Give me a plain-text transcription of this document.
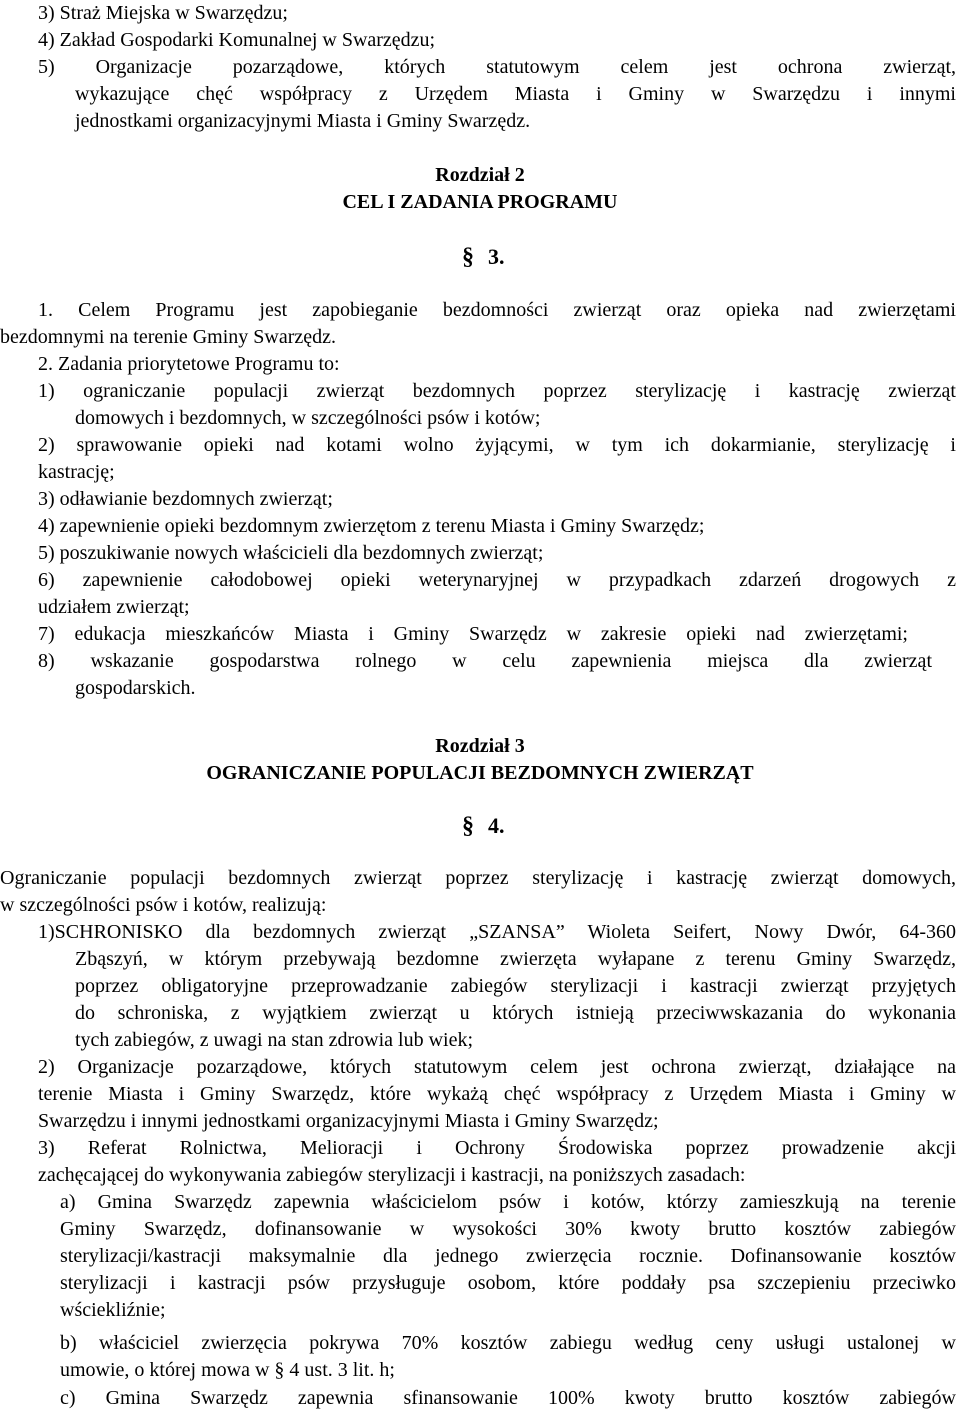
3) Straż Miejska w Swarzędzu;
4) Zakład Gospodarki Komunalnej w Swarzędzu;
5) Organizacje pozarządowe, których statutowym celem jest ochrona zwierząt,
wykazujące chęć współpracy z Urzędem Miasta i Gminy w Swarzędzu i innymi
jednostkami organizacyjnymi Miasta i Gminy Swarzędz.
Rozdział 2
CEL I ZADANIA PROGRAMU
§ 3.
1. Celem Programu jest zapobieganie bezdomności zwierząt oraz opieka nad zwierzętami
bezdomnymi na terenie Gminy Swarzędz.
2. Zadania priorytetowe Programu to:
1) ograniczanie populacji zwierząt bezdomnych poprzez sterylizację i kastrację zwierząt
domowych i bezdomnych, w szczególności psów i kotów;
2) sprawowanie opieki nad kotami wolno żyjącymi, w tym ich dokarmianie, sterylizację i
kastrację;
3) odławianie bezdomnych zwierząt;
4) zapewnienie opieki bezdomnym zwierzętom z terenu Miasta i Gminy Swarzędz;
5) poszukiwanie nowych właścicieli dla bezdomnych zwierząt;
6) zapewnienie całodobowej opieki weterynaryjnej w przypadkach zdarzeń drogowych z
udziałem zwierząt;
7) edukacja mieszkańców Miasta i Gminy Swarzędz w zakresie opieki nad zwierzętami;
8) wskazanie gospodarstwa rolnego w celu zapewnienia miejsca dla zwierząt
gospodarskich.
Rozdział 3
OGRANICZANIE POPULACJI BEZDOMNYCH ZWIERZĄT
§ 4.
Ograniczanie populacji bezdomnych zwierząt poprzez sterylizację i kastrację zwierząt domowych,
w szczególności psów i kotów, realizują:
1)SCHRONISKO dla bezdomnych zwierząt „SZANSA” Wioleta Seifert, Nowy Dwór, 64-360
Zbąszyń, w którym przebywają bezdomne zwierzęta wyłapane z terenu Gminy Swarzędz,
poprzez obligatoryjne przeprowadzanie zabiegów sterylizacji i kastracji zwierząt przyjętych
do schroniska, z wyjątkiem zwierząt u których istnieją przeciwwskazania do wykonania
tych zabiegów, z uwagi na stan zdrowia lub wiek;
2) Organizacje pozarządowe, których statutowym celem jest ochrona zwierząt, działające na
terenie Miasta i Gminy Swarzędz, które wykażą chęć współpracy z Urzędem Miasta i Gminy w
Swarzędzu i innymi jednostkami organizacyjnymi Miasta i Gminy Swarzędz;
3) Referat Rolnictwa, Melioracji i Ochrony Środowiska poprzez prowadzenie akcji
zachęcającej do wykonywania zabiegów sterylizacji i kastracji, na poniższych zasadach:
a) Gmina Swarzędz zapewnia właścicielom psów i kotów, którzy zamieszkują na terenie
Gminy Swarzędz, dofinansowanie w wysokości 30% kwoty brutto kosztów zabiegów
sterylizacji/kastracji maksymalnie dla jednego zwierzęcia rocznie. Dofinansowanie kosztów
sterylizacji i kastracji psów przysługuje osobom, które poddały psa szczepieniu przeciwko
wściekliźnie;
b) właściciel zwierzęcia pokrywa 70% kosztów zabiegu według ceny usługi ustalonej w
umowie, o której mowa w § 4 ust. 3 lit. h;
c) Gmina Swarzędz zapewnia sfinansowanie 100% kwoty brutto kosztów zabiegów
